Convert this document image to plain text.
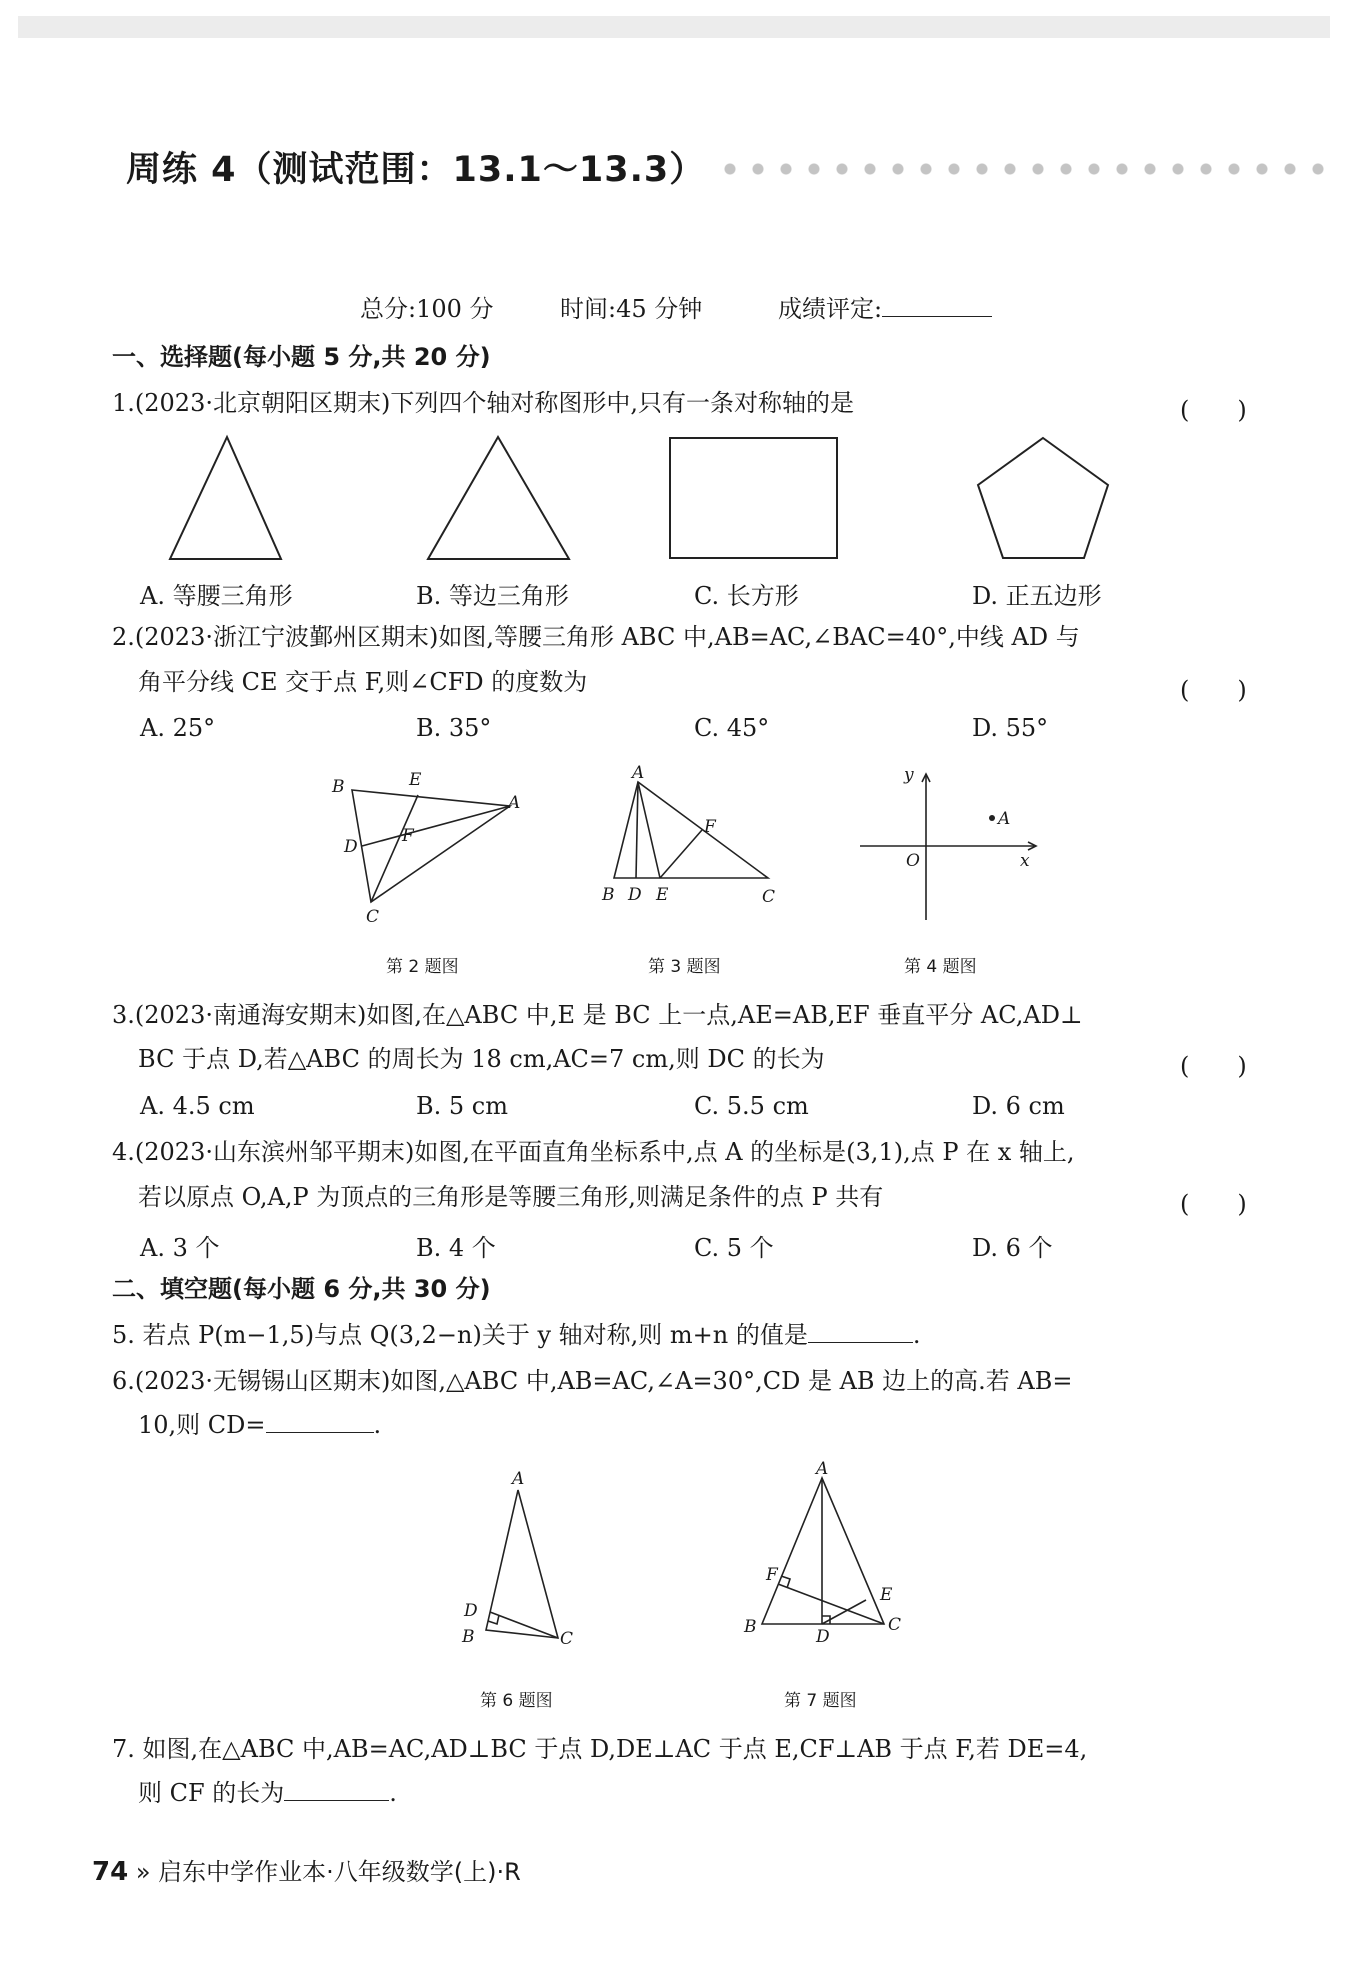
周练 4（测试范围：13.1～13.3）
总分:100 分	时间:45 分钟	成绩评定:
一、选择题(每小题 5 分,共 20 分)
1.(2023·北京朝阳区期末)下列四个轴对称图形中,只有一条对称轴的是	(　　)
A. 等腰三角形	B. 等边三角形	C. 长方形	D. 正五边形
2.(2023·浙江宁波鄞州区期末)如图,等腰三角形 ABC 中,AB=AC,∠BAC=40°,中线 AD 与
角平分线 CE 交于点 F,则∠CFD 的度数为	(　　)
A. 25°	B. 35°	C. 45°	D. 55°
B	E
A
D
F
C
第 2 题图
A
F
B D E	C
第 3 题图
y
A
O	x
第 4 题图
3.(2023·南通海安期末)如图,在△ABC 中,E 是 BC 上一点,AE=AB,EF 垂直平分 AC,AD⊥
BC 于点 D,若△ABC 的周长为 18 cm,AC=7 cm,则 DC 的长为	(　　)
A. 4.5 cm	B. 5 cm	C. 5.5 cm	D. 6 cm
4.(2023·山东滨州邹平期末)如图,在平面直角坐标系中,点 A 的坐标是(3,1),点 P 在 x 轴上,
若以原点 O,A,P 为顶点的三角形是等腰三角形,则满足条件的点 P 共有	(　　)
A. 3 个	B. 4 个	C. 5 个	D. 6 个
二、填空题(每小题 6 分,共 30 分)
5. 若点 P(m−1,5)与点 Q(3,2−n)关于 y 轴对称,则 m+n 的值是	.
6.(2023·无锡锡山区期末)如图,△ABC 中,AB=AC,∠A=30°,CD 是 AB 边上的高.若 AB=
10,则 CD=	.
A
D
B	C
第 6 题图
A
F
E
B	D
C
第 7 题图
7. 如图,在△ABC 中,AB=AC,AD⊥BC 于点 D,DE⊥AC 于点 E,CF⊥AB 于点 F,若 DE=4,
则 CF 的长为	.
74 » 启东中学作业本·八年级数学(上)·R
